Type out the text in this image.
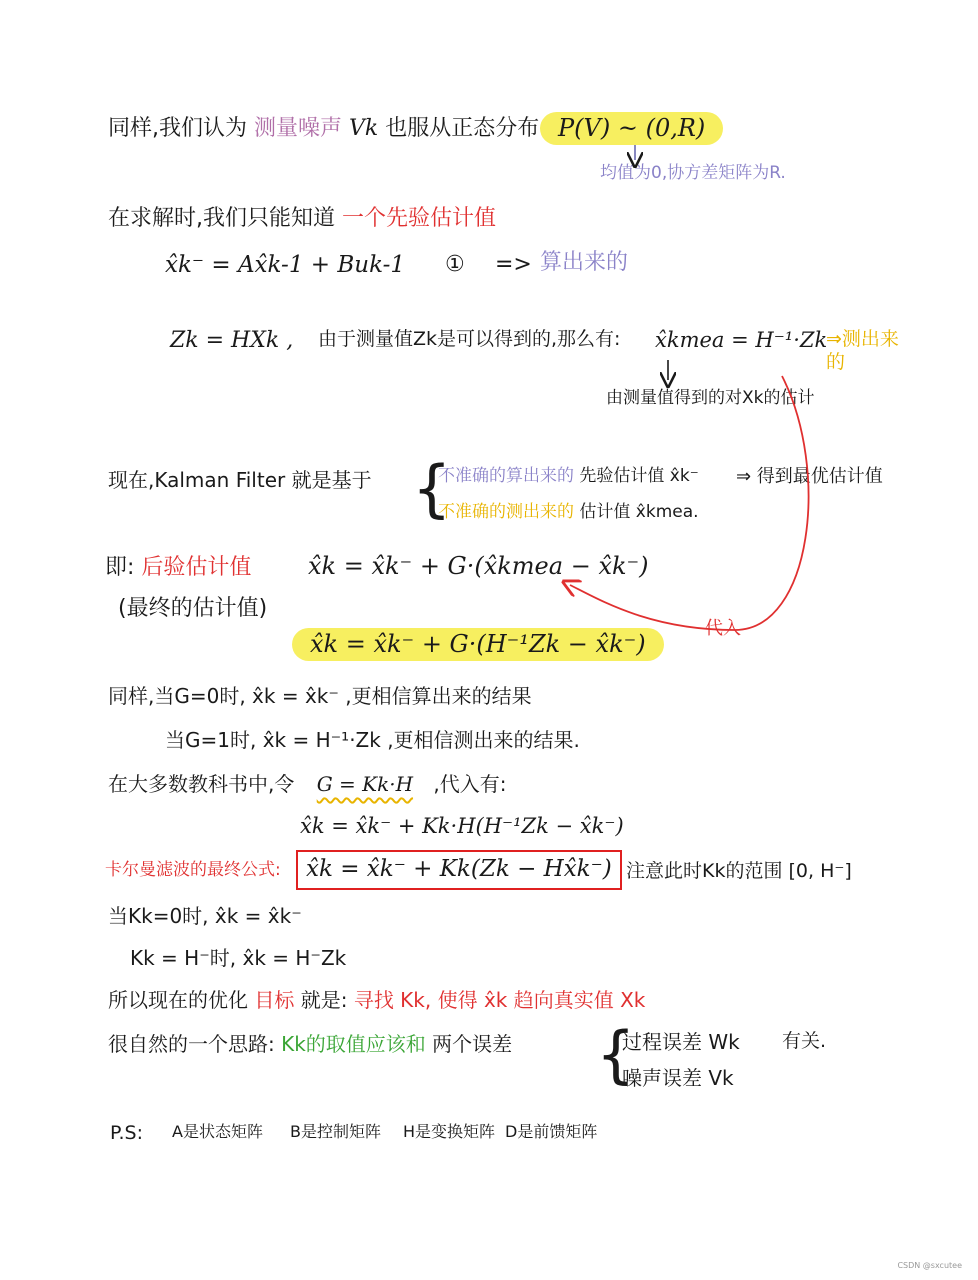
同样,我们认为 测量噪声 Vk 也服从正态分布 P(V) ~ (0,R)
均值为0,协方差矩阵为R.
在求解时,我们只能知道 一个先验估计值
x̂k⁻ = Ax̂k-1 + Buk-1 ① => 算出来的
Zk = HXk , 由于测量值Zk是可以得到的,那么有: x̂kmea = H⁻¹·Zk
⇒测出来的
由测量值得到的对Xk的估计
现在,Kalman Filter 就是基于 {
不准确的算出来的 先验估计值 x̂k⁻
不准确的测出来的 估计值 x̂kmea.
⇒ 得到最优估计值
即: 后验估计值 x̂k = x̂k⁻ + G·(x̂kmea − x̂k⁻)
(最终的估计值)
x̂k = x̂k⁻ + G·(H⁻¹Zk − x̂k⁻)
代入
同样,当G=0时, x̂k = x̂k⁻ ,更相信算出来的结果
当G=1时, x̂k = H⁻¹·Zk ,更相信测出来的结果.
在大多数教科书中,令 G = Kk·H ,代入有:
x̂k = x̂k⁻ + Kk·H(H⁻¹Zk − x̂k⁻)
卡尔曼滤波的最终公式:	x̂k = x̂k⁻ + Kk(Zk − Hx̂k⁻) 注意此时Kk的范围 [0, H⁻]
当Kk=0时, x̂k = x̂k⁻
Kk = H⁻时, x̂k = H⁻Zk
所以现在的优化 目标 就是: 寻找 Kk, 使得 x̂k 趋向真实值 Xk
很自然的一个思路: Kk的取值应该和 两个误差 {
过程误差 Wk 有关.
噪声误差 Vk
P.S: A是状态矩阵 B是控制矩阵 H是变换矩阵 D是前馈矩阵
CSDN @sxcutee
